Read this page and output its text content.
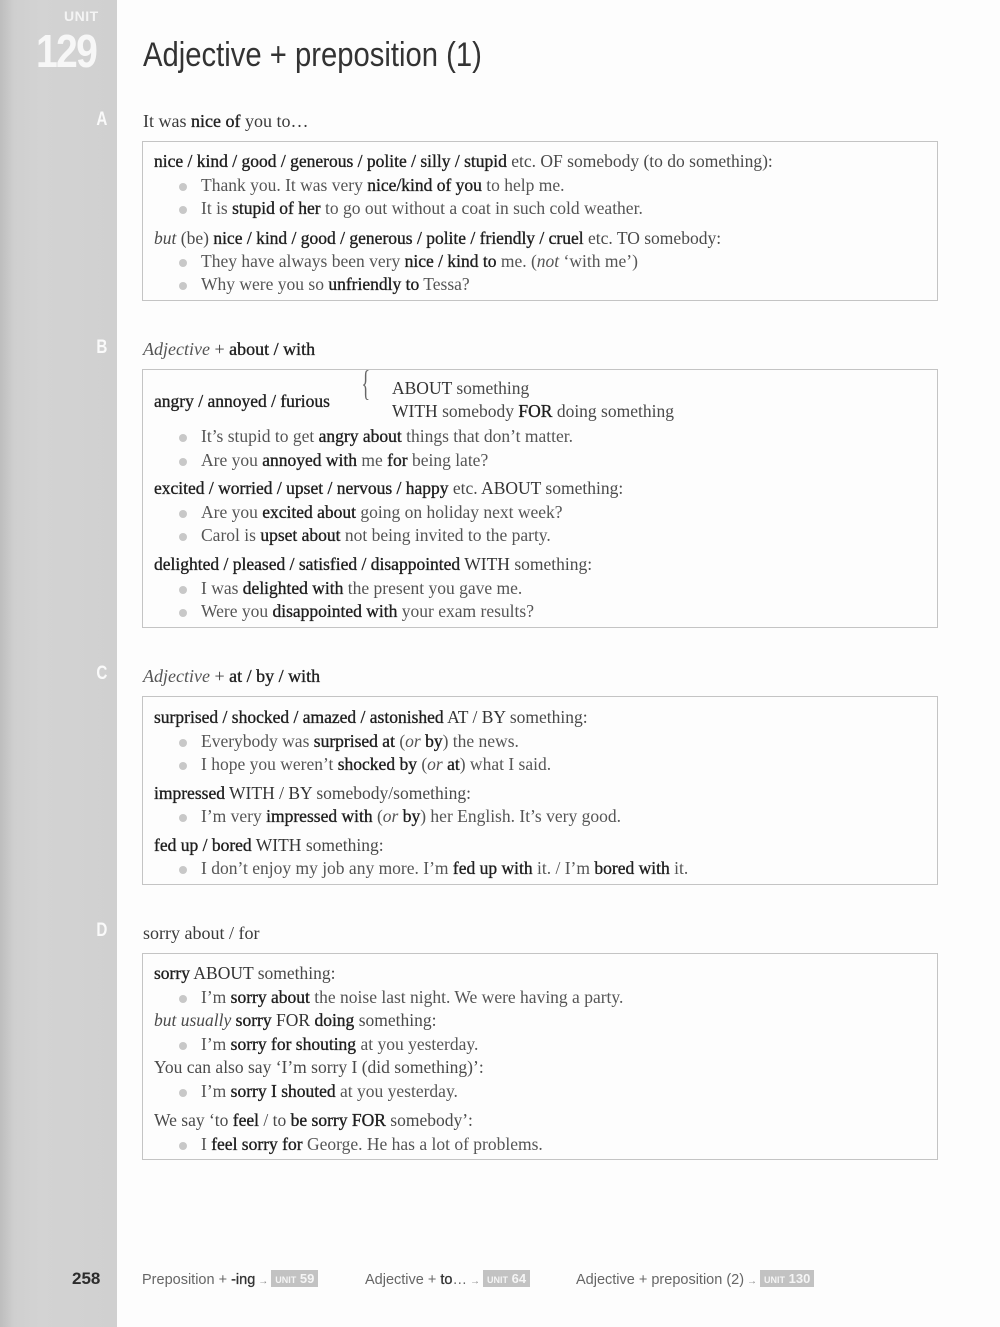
UNIT
129
A
B
C
D
258
Adjective + preposition (1)
It was nice of you to…
nice / kind / good / generous / polite / silly / stupid etc. OF somebody (to do something):
Thank you. It was very nice/kind of you to help me.
It is stupid of her to go out without a coat in such cold weather.
but (be) nice / kind / good / generous / polite / friendly / cruel etc. TO somebody:
They have always been very nice / kind to me. (not ‘with me’)
Why were you so unfriendly to Tessa?
Adjective + about / with
angry / annoyed / furious { ABOUT something
WITH somebody FOR doing something
It’s stupid to get angry about things that don’t matter.
Are you annoyed with me for being late?
excited / worried / upset / nervous / happy etc. ABOUT something:
Are you excited about going on holiday next week?
Carol is upset about not being invited to the party.
delighted / pleased / satisfied / disappointed WITH something:
I was delighted with the present you gave me.
Were you disappointed with your exam results?
Adjective + at / by / with
surprised / shocked / amazed / astonished AT / BY something:
Everybody was surprised at (or by) the news.
I hope you weren’t shocked by (or at) what I said.
impressed WITH / BY somebody/something:
I’m very impressed with (or by) her English. It’s very good.
fed up / bored WITH something:
I don’t enjoy my job any more. I’m fed up with it. / I’m bored with it.
sorry about / for
sorry ABOUT something:
I’m sorry about the noise last night. We were having a party.
but usually sorry FOR doing something:
I’m sorry for shouting at you yesterday.
You can also say ‘I’m sorry I (did something)’:
I’m sorry I shouted at you yesterday.
We say ‘to feel / to be sorry FOR somebody’:
I feel sorry for George. He has a lot of problems.
Preposition + -ing → UNIT 59	Adjective + to… → UNIT 64	Adjective + preposition (2) → UNIT 130
